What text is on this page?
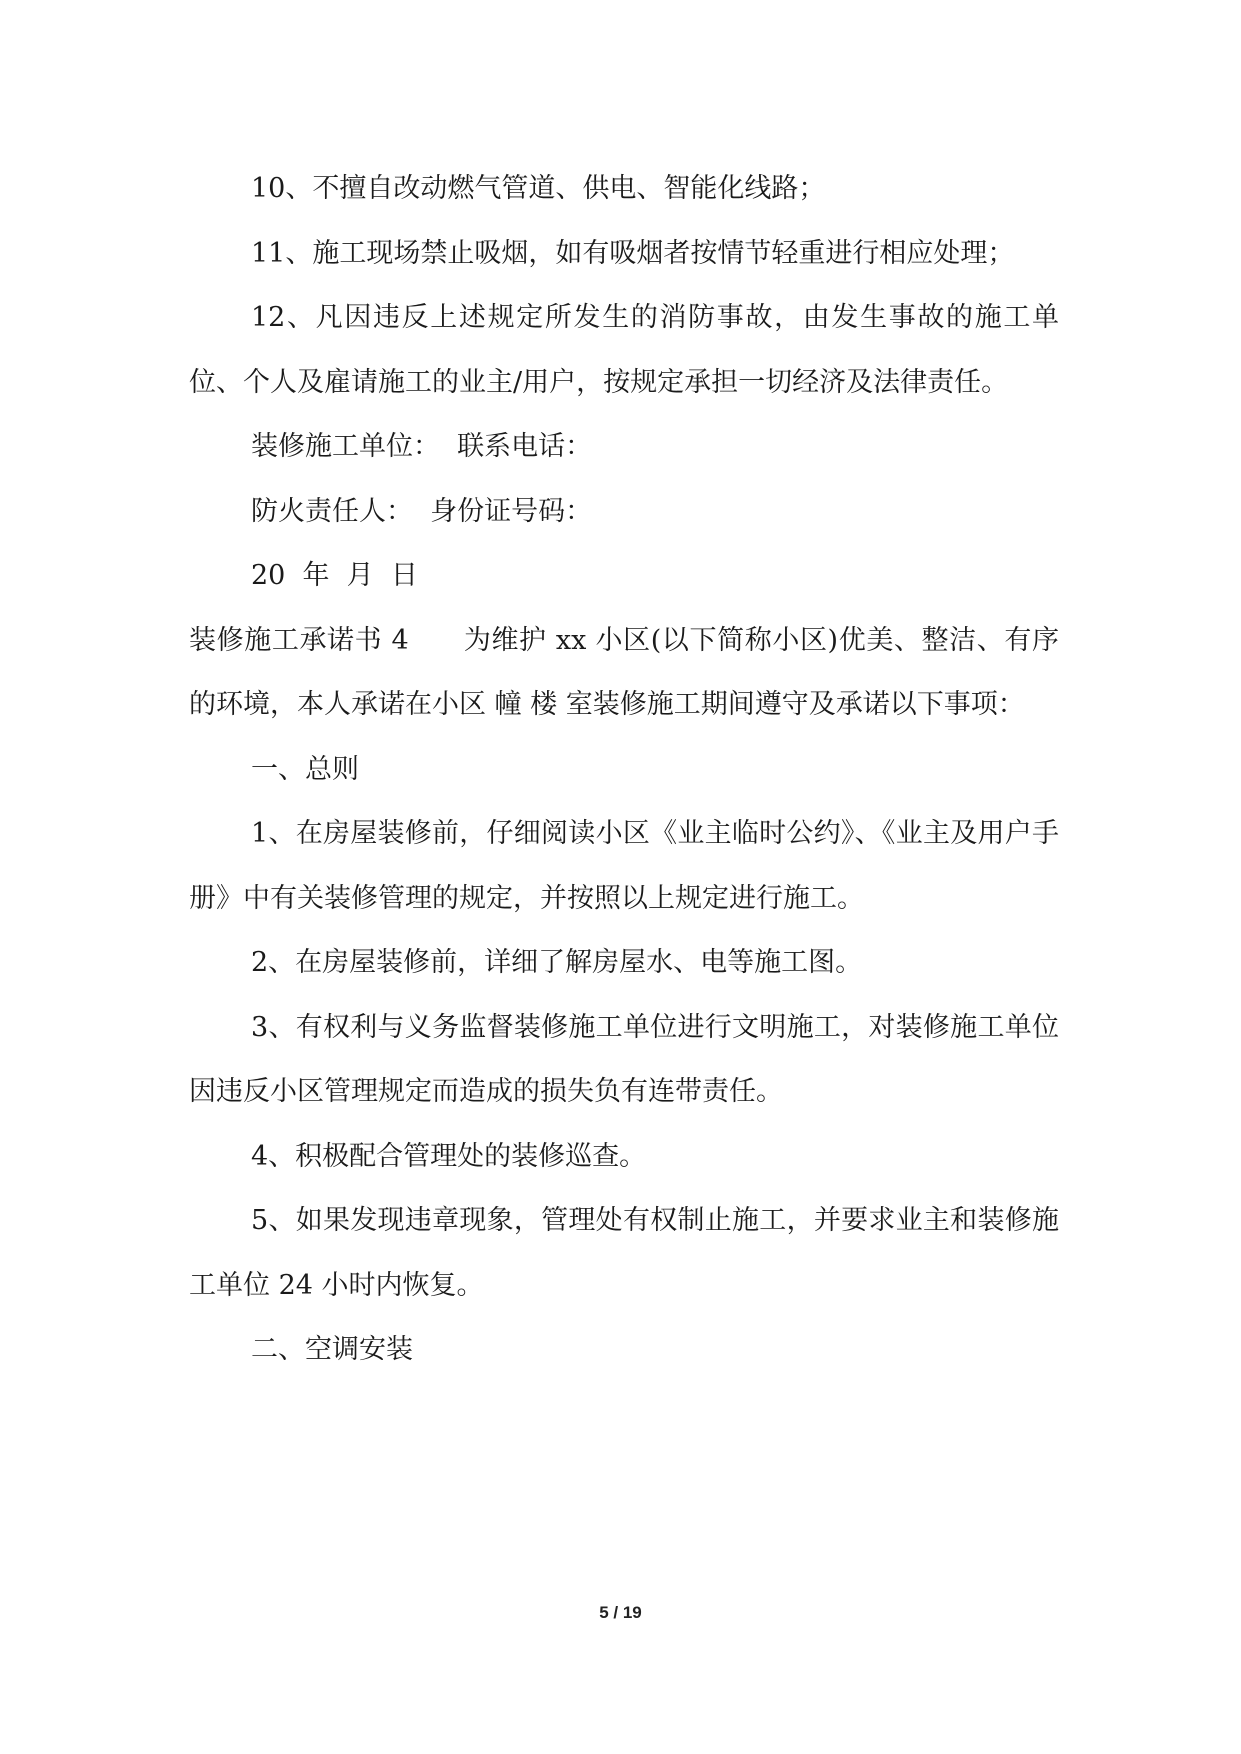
10、不擅自改动燃气管道、供电、智能化线路；

11、施工现场禁止吸烟，如有吸烟者按情节轻重进行相应处理；

12、凡因违反上述规定所发生的消防事故，由发生事故的施工单位、个人及雇请施工的业主/用户，按规定承担一切经济及法律责任。

装修施工单位：  联系电话：

防火责任人：  身份证号码：

20  年  月  日

装修施工承诺书 4      为维护 xx 小区(以下简称小区)优美、整洁、有序的环境，本人承诺在小区 幢 楼 室装修施工期间遵守及承诺以下事项：

一、总则

1、在房屋装修前，仔细阅读小区《业主临时公约》、《业主及用户手册》中有关装修管理的规定，并按照以上规定进行施工。

2、在房屋装修前，详细了解房屋水、电等施工图。

3、有权利与义务监督装修施工单位进行文明施工，对装修施工单位因违反小区管理规定而造成的损失负有连带责任。

4、积极配合管理处的装修巡查。

5、如果发现违章现象，管理处有权制止施工，并要求业主和装修施工单位 24 小时内恢复。

二、空调安装

5 / 19
